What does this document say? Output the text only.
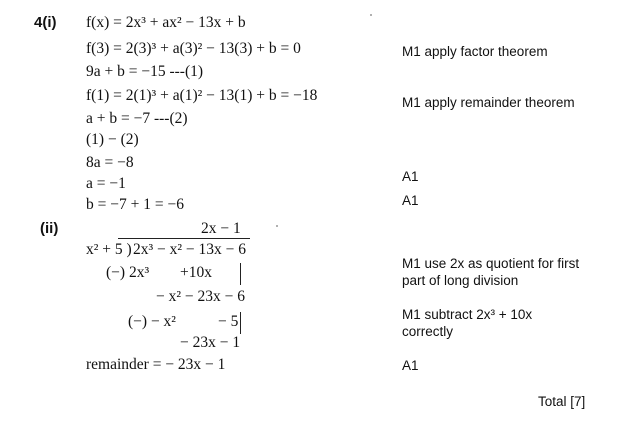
4(i) f(x) = 2x³ + ax² − 13x + b
f(3) = 2(3)³ + a(3)² − 13(3) + b = 0
9a + b = −15 ---(1)
f(1) = 2(1)³ + a(1)² − 13(1) + b = −18
a + b = −7 ---(2)
(1) − (2)
8a = −8
a = −1
b = −7 + 1 = −6
M1 apply factor theorem
M1 apply remainder theorem
A1
A1
(ii)	2x − 1
x² + 5 ) 2x³ − x² − 13x − 6
(−) 2x³ +10x
− x² − 23x − 6
(−) − x²	− 5
− 23x − 1
remainder = − 23x − 1
M1 use 2x as quotient for first part of long division
M1 subtract 2x³ + 10x correctly
A1
Total [7]
